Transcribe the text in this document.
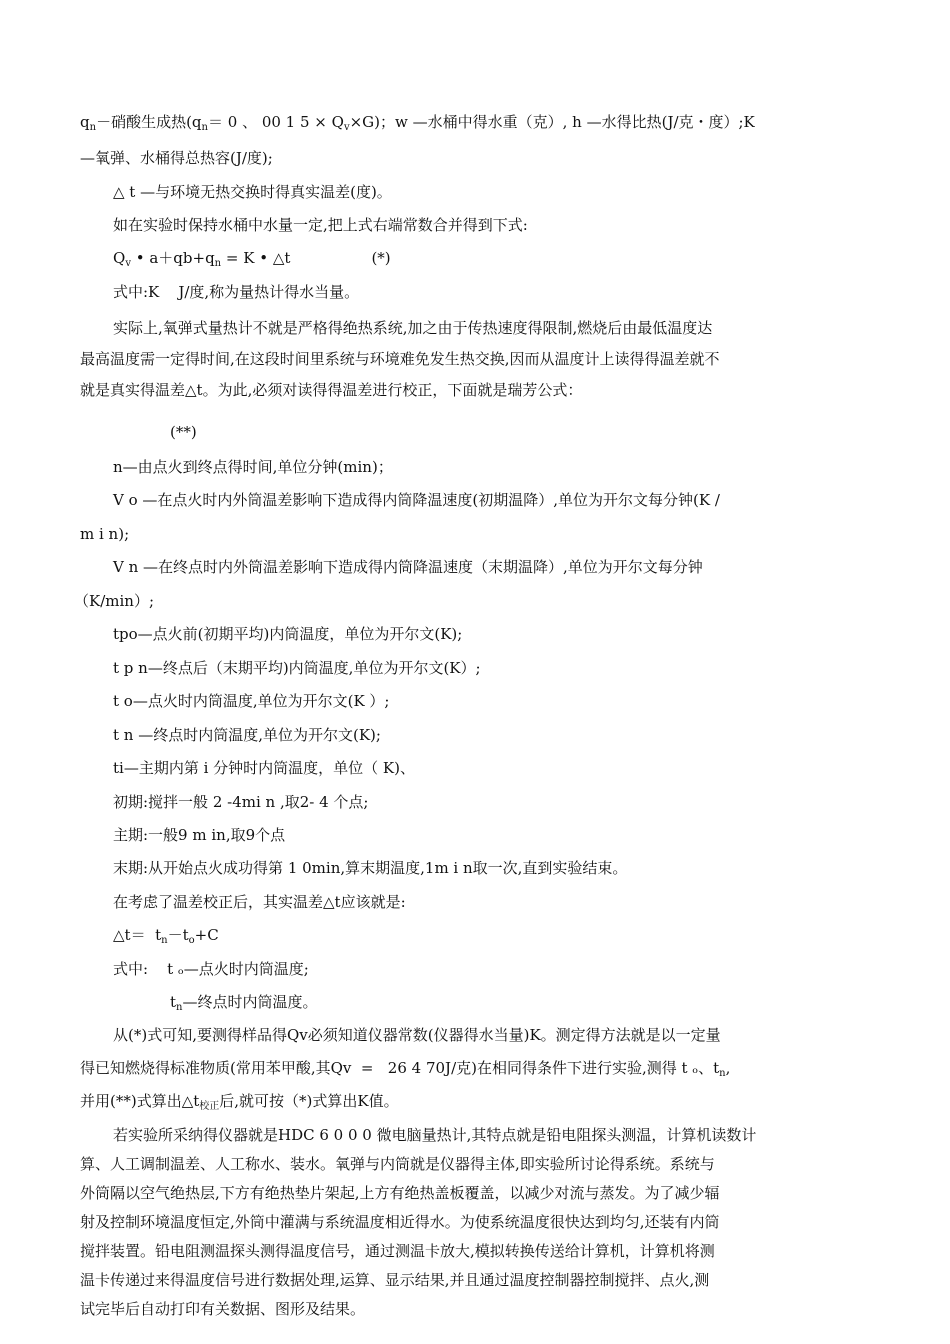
$q_n-$硝酸生成热($q_n= 0$ 、 00 1 $5 \times Q_v\times G$)；w —水桶中得水重（克）, h —水得比热(J/克・度）;K
—氧弹、水桶得总热容(J/度);
△ t —与环境无热交换时得真实温差(度)。
如在实验时保持水桶中水量一定,把上式右端常数合并得到下式:
$Q_v$ • $a+qb+q_n = K$ • △t                 (*)
式中:K    J/度,称为量热计得水当量。
实际上,氧弹式量热计不就是严格得绝热系统,加之由于传热速度得限制,燃烧后由最低温度达
最高温度需一定得时间,在这段时间里系统与环境难免发生热交换,因而从温度计上读得得温差就不
就是真实得温差△t。为此,必须对读得得温差进行校正，下面就是瑞芳公式：
(**)
n—由点火到终点得时间,单位分钟(min)；
V o —在点火时内外筒温差影响下造成得内筒降温速度(初期温降）,单位为开尔文每分钟(K /
m i n);
V n —在终点时内外筒温差影响下造成得内筒降温速度（末期温降）,单位为开尔文每分钟
（K/min）;
tpo—点火前(初期平均)内筒温度，单位为开尔文(K);
t p n—终点后（末期平均)内筒温度,单位为开尔文(K）;
t o—点火时内筒温度,单位为开尔文(K ）;
t n —终点时内筒温度,单位为开尔文(K);
ti—主期内第 i 分钟时内筒温度，单位（ K)、
初期:搅拌一般 2 -4mi n ,取2- 4 个点;
主期:一般9 m in,取9个点
末期:从开始点火成功得第 1 0min,算末期温度,1m i n取一次,直到实验结束。
在考虑了温差校正后，其实温差△t应该就是:
△t＝  $t_n-t_o+C$
式中:    t ₒ—点火时内筒温度;
$t_n—$终点时内筒温度。
从(*)式可知,要测得样品得Qv必须知道仪器常数(仪器得水当量)K。测定得方法就是以一定量
得已知燃烧得标准物质(常用苯甲酸,其Qv  =   26 4 70J/克)在相同得条件下进行实验,测得 t ₒ、$t_n$,
并用(**)式算出$\triangle t_{校正}$后,就可按（*)式算出K值。
若实验所采纳得仪器就是HDC 6 0 0 0 微电脑量热计,其特点就是铅电阻探头测温，计算机读数计
算、人工调制温差、人工称水、装水。氧弹与内筒就是仪器得主体,即实验所讨论得系统。系统与
外筒隔以空气绝热层,下方有绝热垫片架起,上方有绝热盖板覆盖，以减少对流与蒸发。为了减少辐
射及控制环境温度恒定,外筒中灌满与系统温度相近得水。为使系统温度很快达到均匀,还装有内筒
搅拌装置。铅电阻测温探头测得温度信号，通过测温卡放大,模拟转换传送给计算机，计算机将测
温卡传递过来得温度信号进行数据处理,运算、显示结果,并且通过温度控制器控制搅拌、点火,测
试完毕后自动打印有关数据、图形及结果。
